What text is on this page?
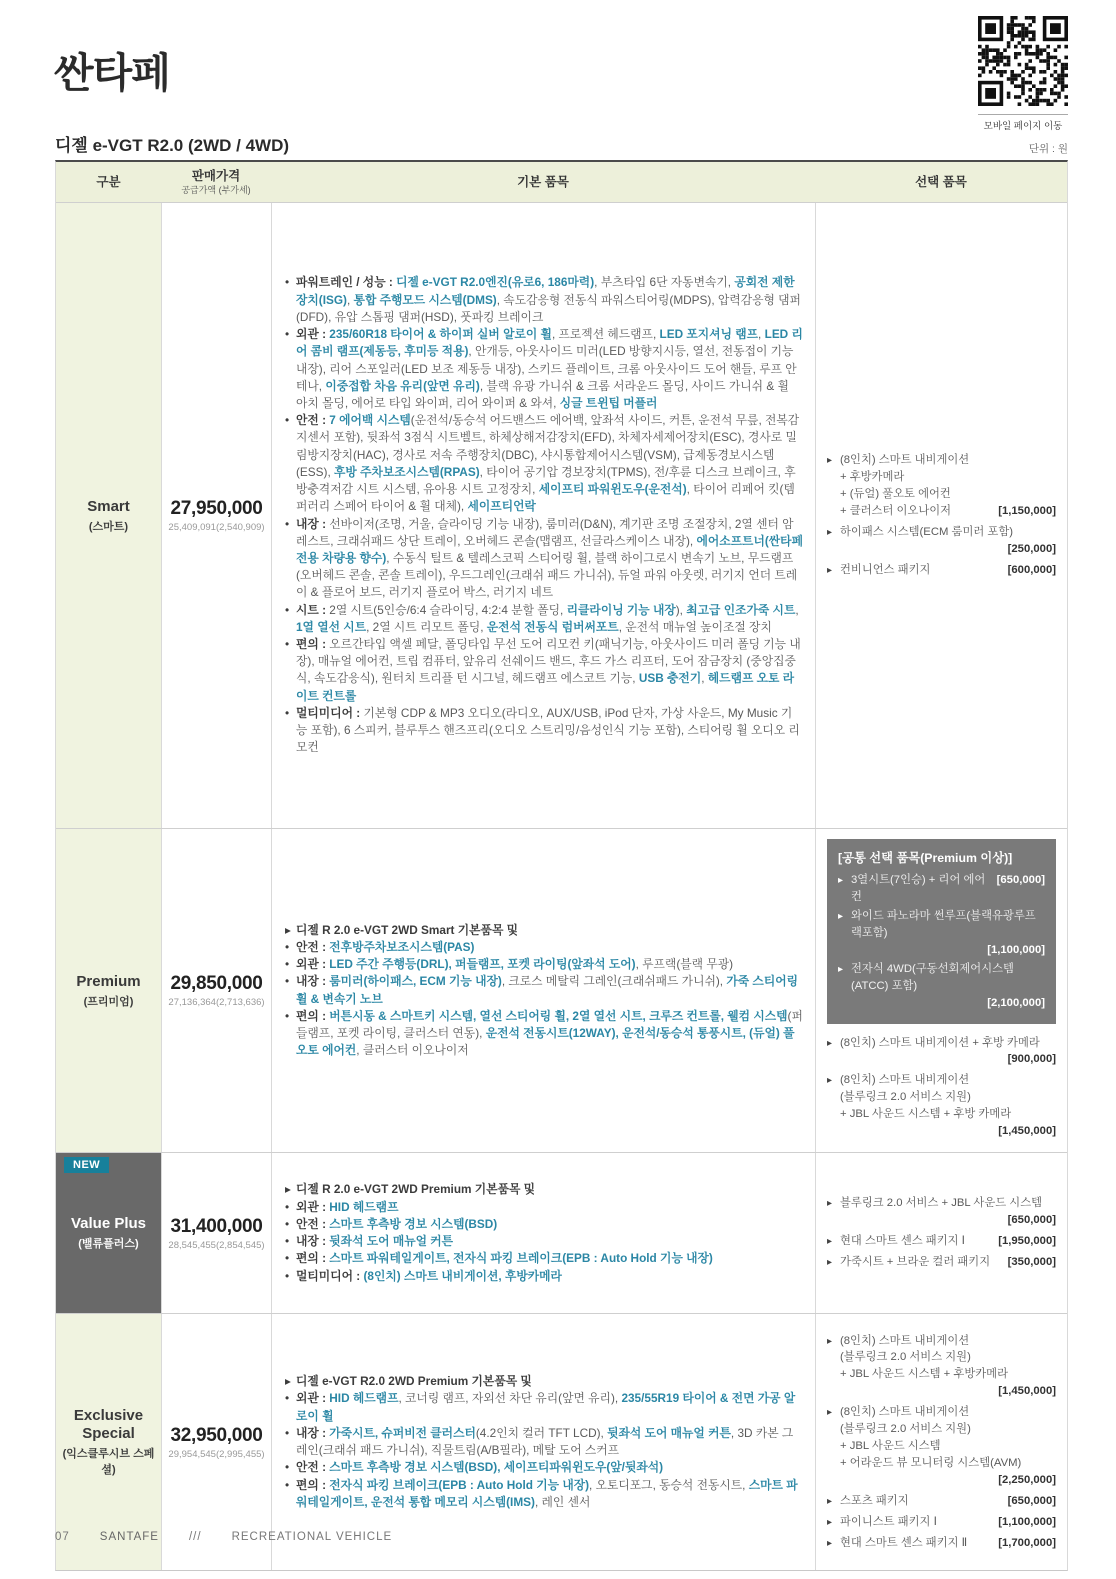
싼타페
모바일 페이지 이동
디젤 e-VGT R2.0 (2WD / 4WD)	단위 : 원
구분	판매가격
공급가액 (부가세)
기본 품목	선택 품목
Smart
(스마트)
27,950,000
25,409,091(2,540,909)
• 파워트레인 / 성능 : 디젤 e-VGT R2.0엔진(유로6, 186마력), 부츠타입 6단 자동변속기, 공회전 제한장치(ISG), 통합 주행모드 시스템(DMS), 속도감응형 전동식 파워스티어링(MDPS), 압력감응형 댐퍼(DFD), 유압 스톱핑 댐퍼(HSD), 풋파킹 브레이크
• 외관 : 235/60R18 타이어 & 하이퍼 실버 알로이 휠, 프로젝션 헤드램프, LED 포지셔닝 램프, LED 리어 콤비 램프(제동등, 후미등 적용), 안개등, 아웃사이드 미러(LED 방향지시등, 열선, 전동접이 기능 내장), 리어 스포일러(LED 보조 제동등 내장), 스키드 플레이트, 크롬 아웃사이드 도어 핸들, 루프 안테나, 이중접합 차음 유리(앞면 유리), 블랙 유광 가니쉬 & 크롬 서라운드 몰딩, 사이드 가니쉬 & 휠 아치 몰딩, 에어로 타입 와이퍼, 리어 와이퍼 & 와셔, 싱글 트윈팁 머플러
• 안전 : 7 에어백 시스템(운전석/동승석 어드밴스드 에어백, 앞좌석 사이드, 커튼, 운전석 무릎, 전복감지센서 포함), 뒷좌석 3점식 시트벨트, 하체상해저감장치(EFD), 차체자세제어장치(ESC), 경사로 밀림방지장치(HAC), 경사로 저속 주행장치(DBC), 샤시통합제어시스템(VSM), 급제동경보시스템(ESS), 후방 주차보조시스템(RPAS), 타이어 공기압 경보장치(TPMS), 전/후륜 디스크 브레이크, 후방충격저감 시트 시스템, 유아용 시트 고정장치, 세이프티 파워윈도우(운전석), 타이어 리페어 킷(템퍼러리 스페어 타이어 & 휠 대체), 세이프티언락
• 내장 : 선바이저(조명, 거울, 슬라이딩 기능 내장), 룸미러(D&N), 계기판 조명 조절장치, 2열 센터 암레스트, 크래쉬패드 상단 트레이, 오버헤드 콘솔(맵램프, 선글라스케이스 내장), 에어소프트너(싼타페 전용 차량용 향수), 수동식 틸트 & 텔레스코픽 스티어링 휠, 블랙 하이그로시 변속기 노브, 무드램프(오버헤드 콘솔, 콘솔 트레이), 우드그레인(크래쉬 패드 가니쉬), 듀얼 파워 아웃렛, 러기지 언더 트레이 & 플로어 보드, 러기지 플로어 박스, 러기지 네트
• 시트 : 2열 시트(5인승/6:4 슬라이딩, 4:2:4 분할 폴딩, 리클라이닝 기능 내장), 최고급 인조가죽 시트, 1열 열선 시트, 2열 시트 리모트 폴딩, 운전석 전동식 럼버써포트, 운전석 매뉴얼 높이조절 장치
• 편의 : 오르간타입 액셀 페달, 폴딩타입 무선 도어 리모컨 키(패닉기능, 아웃사이드 미러 폴딩 기능 내장), 매뉴얼 에어컨, 트립 컴퓨터, 앞유리 선쉐이드 밴드, 후드 가스 리프터, 도어 잠금장치 (중앙집중식, 속도감응식), 원터치 트리플 턴 시그널, 헤드램프 에스코트 기능, USB 충전기, 헤드램프 오토 라이트 컨트롤
• 멀티미디어 : 기본형 CDP & MP3 오디오(라디오, AUX/USB, iPod 단자, 가상 사운드, My Music 기능 포함), 6 스피커, 블루투스 핸즈프리(오디오 스트리밍/음성인식 기능 포함), 스티어링 휠 오디오 리모컨
▸ (8인치) 스마트 내비게이션
+ 후방카메라
+ (듀얼) 풀오토 에어컨
+ 클러스터 이오나이저	[1,150,000]
▸ 하이패스 시스템(ECM 룸미러 포함)
[250,000]
▸ 컨비니언스 패키지	[600,000]
Premium
(프리미엄)
29,850,000
27,136,364(2,713,636)
▸ 디젤 R 2.0 e-VGT 2WD Smart 기본품목 및
• 안전 : 전후방주차보조시스템(PAS)
• 외관 : LED 주간 주행등(DRL), 퍼들램프, 포켓 라이팅(앞좌석 도어), 루프랙(블랙 무광)
• 내장 : 룸미러(하이패스, ECM 기능 내장), 크로스 메탈릭 그레인(크래쉬패드 가니쉬), 가죽 스티어링 휠 & 변속기 노브
• 편의 : 버튼시동 & 스마트키 시스템, 열선 스티어링 휠, 2열 열선 시트, 크루즈 컨트롤, 웰컴 시스템(퍼들램프, 포켓 라이팅, 클러스터 연동), 운전석 전동시트(12WAY), 운전석/동승석 통풍시트, (듀얼) 풀오토 에어컨, 클러스터 이오나이저
[공통 선택 품목(Premium 이상)]
▸ 3열시트(7인승) + 리어 에어컨
[650,000]
▸ 와이드 파노라마 썬루프(블랙유광루프랙포함)
[1,100,000]
▸ 전자식 4WD(구동선회제어시스템(ATCC) 포함)
[2,100,000]
▸ (8인치) 스마트 내비게이션 + 후방 카메라
[900,000]
▸ (8인치) 스마트 내비게이션
(블루링크 2.0 서비스 지원)
+ JBL 사운드 시스템 + 후방 카메라
[1,450,000]
NEW
Value Plus
(밸류플러스)
31,400,000
28,545,455(2,854,545)
▸ 디젤 R 2.0 e-VGT 2WD Premium 기본품목 및
• 외관 : HID 헤드램프
• 안전 : 스마트 후측방 경보 시스템(BSD)
• 내장 : 뒷좌석 도어 매뉴얼 커튼
• 편의 : 스마트 파워테일게이트, 전자식 파킹 브레이크(EPB : Auto Hold 기능 내장)
• 멀티미디어 : (8인치) 스마트 내비게이션, 후방카메라
▸ 블루링크 2.0 서비스 + JBL 사운드 시스템
[650,000]
▸ 현대 스마트 센스 패키지 Ⅰ	[1,950,000]
▸ 가죽시트 + 브라운 컬러 패키지 [350,000]
Exclusive Special
(익스클루시브 스페셜)
32,950,000
29,954,545(2,995,455)
▸ 디젤 e-VGT R2.0 2WD Premium 기본품목 및
• 외관 : HID 헤드램프, 코너링 램프, 자외선 차단 유리(앞면 유리), 235/55R19 타이어 & 전면 가공 알로이 휠
• 내장 : 가죽시트, 슈퍼비전 클러스터(4.2인치 컬러 TFT LCD), 뒷좌석 도어 매뉴얼 커튼, 3D 카본 그레인(크래쉬 패드 가니쉬), 직물트림(A/B필라), 메탈 도어 스커프
• 안전 : 스마트 후측방 경보 시스템(BSD), 세이프티파워윈도우(앞/뒷좌석)
• 편의 : 전자식 파킹 브레이크(EPB : Auto Hold 기능 내장), 오토디포그, 동승석 전동시트, 스마트 파워테일게이트, 운전석 통합 메모리 시스템(IMS), 레인 센서
▸ (8인치) 스마트 내비게이션
(블루링크 2.0 서비스 지원)
+ JBL 사운드 시스템 + 후방카메라
[1,450,000]
▸ (8인치) 스마트 내비게이션
(블루링크 2.0 서비스 지원)
+ JBL 사운드 시스템
+ 어라운드 뷰 모니터링 시스템(AVM)
[2,250,000]
▸ 스포츠 패키지	[650,000]
▸ 파이니스트 패키지 Ⅰ	[1,100,000]
▸ 현대 스마트 센스 패키지 Ⅱ	[1,700,000]
07	SANTAFE	///	RECREATIONAL VEHICLE
